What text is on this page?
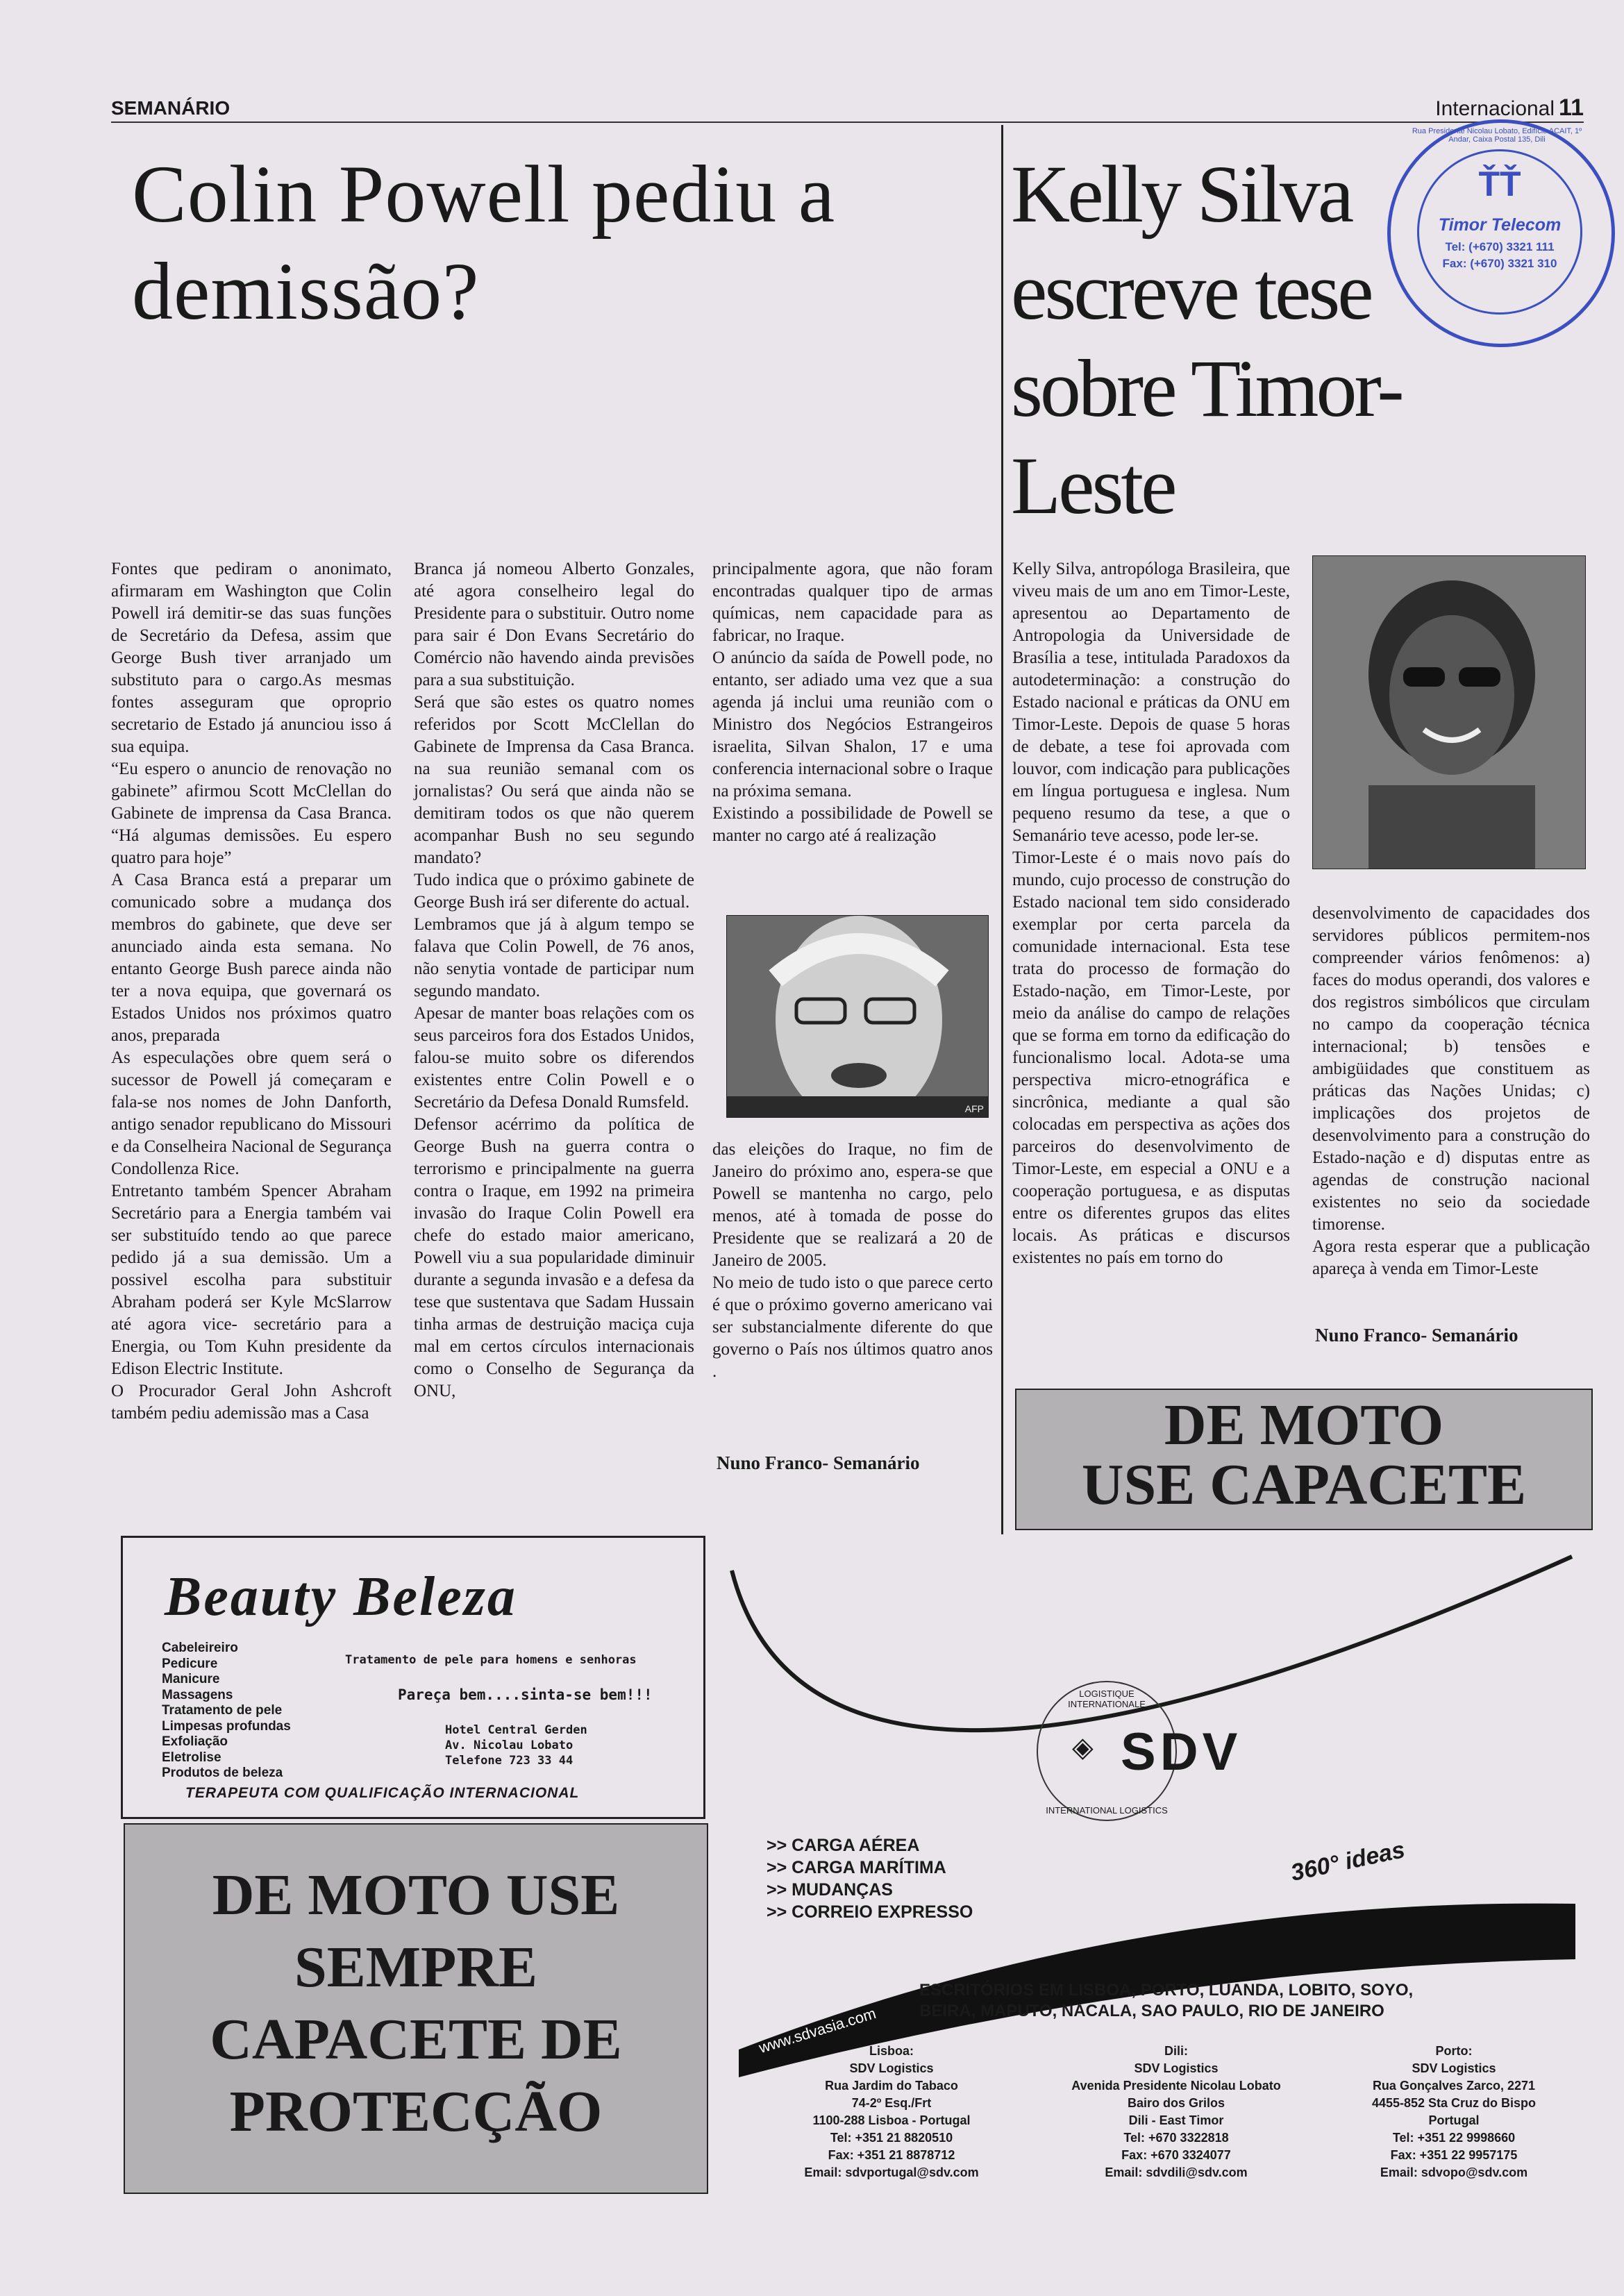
SEMANÁRIO	Internacional 11
Colin Powell pediu a demissão?
Fontes que pediram o anonimato, afirmaram em Washington que Colin Powell irá demitir-se das suas funções de Secretário da Defesa, assim que George Bush tiver arranjado um substituto para o cargo.As mesmas fontes asseguram que oproprio secretario de Estado já anunciou isso á sua equipa.
“Eu espero o anuncio de renovação no gabinete” afirmou Scott McClellan do Gabinete de imprensa da Casa Branca. “Há algumas demissões. Eu espero quatro para hoje”
A Casa Branca está a preparar um comunicado sobre a mudança dos membros do gabinete, que deve ser anunciado ainda esta semana. No entanto George Bush parece ainda não ter a nova equipa, que governará os Estados Unidos nos próximos quatro anos, preparada
As especulações obre quem será o sucessor de Powell já começaram e fala-se nos nomes de John Danforth, antigo senador republicano do Missouri e da Conselheira Nacional de Segurança Condollenza Rice.
Entretanto também Spencer Abraham Secretário para a Energia também vai ser substituído tendo ao que parece pedido já a sua demissão. Um a possivel escolha para substituir Abraham poderá ser Kyle McSlarrow até agora vice- secretário para a Energia, ou Tom Kuhn presidente da Edison Electric Institute.
O Procurador Geral John Ashcroft também pediu ademissão mas a Casa
Branca já nomeou Alberto Gonzales, até agora conselheiro legal do Presidente para o substituir. Outro nome para sair é Don Evans Secretário do Comércio não havendo ainda previsões para a sua substituição.
Será que são estes os quatro nomes referidos por Scott McClellan do Gabinete de Imprensa da Casa Branca. na sua reunião semanal com os jornalistas? Ou será que ainda não se demitiram todos os que não querem acompanhar Bush no seu segundo mandato?
Tudo indica que o próximo gabinete de George Bush irá ser diferente do actual.
Lembramos que já à algum tempo se falava que Colin Powell, de 76 anos, não senytia vontade de participar num segundo mandato.
Apesar de manter boas relações com os seus parceiros fora dos Estados Unidos, falou-se muito sobre os diferendos existentes entre Colin Powell e o Secretário da Defesa Donald Rumsfeld.
Defensor acérrimo da política de George Bush na guerra contra o terrorismo e principalmente na guerra contra o Iraque, em 1992 na primeira invasão do Iraque Colin Powell era chefe do estado maior americano, Powell viu a sua popularidade diminuir durante a segunda invasão e a defesa da tese que sustentava que Sadam Hussain tinha armas de destruição maciça cuja mal em certos círculos internacionais como o Conselho de Segurança da ONU,
principalmente agora, que não foram encontradas qualquer tipo de armas químicas, nem capacidade para as fabricar, no Iraque.
O anúncio da saída de Powell pode, no entanto, ser adiado uma vez que a sua agenda já inclui uma reunião com o Ministro dos Negócios Estrangeiros israelita, Silvan Shalon, 17 e uma conferencia internacional sobre o Iraque na próxima semana.
Existindo a possibilidade de Powell se manter no cargo até á realização
AFP
das eleições do Iraque, no fim de Janeiro do próximo ano, espera-se que Powell se mantenha no cargo, pelo menos, até à tomada de posse do Presidente que se realizará a 20 de Janeiro de 2005.
No meio de tudo isto o que parece certo é que o próximo governo americano vai ser substancialmente diferente do que governo o País nos últimos quatro anos .
Nuno Franco- Semanário
Kelly Silva escreve tese sobre Timor-Leste
Kelly Silva, antropóloga Brasileira, que viveu mais de um ano em Timor-Leste, apresentou ao Departamento de Antropologia da Universidade de Brasília a tese, intitulada Paradoxos da autodeterminação: a construção do Estado nacional e práticas da ONU em Timor-Leste. Depois de quase 5 horas de debate, a tese foi aprovada com louvor, com indicação para publicações em língua portuguesa e inglesa. Num pequeno resumo da tese, a que o Semanário teve acesso, pode ler-se.
Timor-Leste é o mais novo país do mundo, cujo processo de construção do Estado nacional tem sido considerado exemplar por certa parcela da comunidade internacional. Esta tese trata do processo de formação do Estado-nação, em Timor-Leste, por meio da análise do campo de relações que se forma em torno da edificação do funcionalismo local. Adota-se uma perspectiva micro-etnográfica e sincrônica, mediante a qual são colocadas em perspectiva as ações dos parceiros do desenvolvimento de Timor-Leste, em especial a ONU e a cooperação portuguesa, e as disputas entre os diferentes grupos das elites locais. As práticas e discursos existentes no país em torno do
desenvolvimento de capacidades dos servidores públicos permitem-nos compreender vários fenômenos: a) faces do modus operandi, dos valores e dos registros simbólicos que circulam no campo da cooperação técnica internacional; b) tensões e ambigüidades que constituem as práticas das Nações Unidas; c) implicações dos projetos de desenvolvimento para a construção do Estado-nação e d) disputas entre as agendas de construção nacional existentes no seio da sociedade timorense.
Agora resta esperar que a publicação apareça à venda em Timor-Leste
Nuno Franco- Semanário
Rua Presidente Nicolau Lobato, Edifício ACAIT, 1º Andar, Caixa Postal 135, Dili
ŤŤ
Timor Telecom
Tel: (+670) 3321 111
Fax: (+670) 3321 310
DE MOTO
USE CAPACETE
Beauty Beleza
Cabeleireiro
Pedicure
Manicure
Massagens
Tratamento de pele
Limpesas profundas
Exfoliação
Eletrolise
Produtos de beleza
Tratamento de pele para homens e senhoras
Pareça bem....sinta-se bem!!!
Hotel Central Gerden
Av. Nicolau Lobato
Telefone 723 33 44
TERAPEUTA COM QUALIFICAÇÃO INTERNACIONAL
DE MOTO USE
SEMPRE
CAPACETE DE
PROTECÇÃO
LOGISTIQUE INTERNATIONALE
INTERNATIONAL LOGISTICS
◈ SDV
>> CARGA AÉREA
>> CARGA MARÍTIMA
>> MUDANÇAS
>> CORREIO EXPRESSO
360° ideas
www.sdvasia.com
ESCRITÓRIOS EM LISBOA, PORTO, LUANDA, LOBITO, SOYO, BEIRA, MAPUTO, NACALA, SAO PAULO, RIO DE JANEIRO
Lisboa:
SDV Logistics
Rua Jardim do Tabaco
74-2º Esq./Frt
1100-288 Lisboa - Portugal
Tel: +351 21 8820510
Fax: +351 21 8878712
Email: sdvportugal@sdv.com
Dili:
SDV Logistics
Avenida Presidente Nicolau Lobato
Bairo dos Grilos
Dili - East Timor
Tel: +670 3322818
Fax: +670 3324077
Email: sdvdili@sdv.com
Porto:
SDV Logistics
Rua Gonçalves Zarco, 2271
4455-852 Sta Cruz do Bispo
Portugal
Tel: +351 22 9998660
Fax: +351 22 9957175
Email: sdvopo@sdv.com
